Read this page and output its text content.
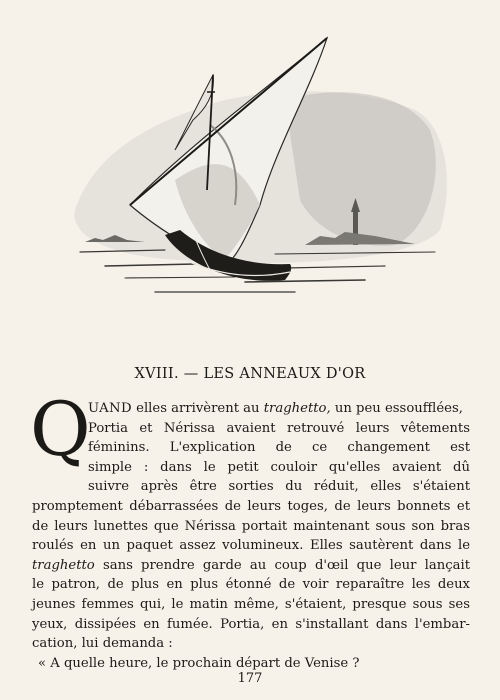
XVIII. — LES ANNEAUX D'OR
Q
UAND elles arrivèrent au traghetto, un peu essoufflées,
Portia et Nérissa avaient retrouvé leurs vêtements
féminins. L'explication de ce changement est
simple : dans le petit couloir qu'elles avaient dû
suivre après être sorties du réduit, elles s'étaient
promptement débarrassées de leurs toges, de leurs bonnets et
de leurs lunettes que Nérissa portait maintenant sous son bras
roulés en un paquet assez volumineux. Elles sautèrent dans le
traghetto sans prendre garde au coup d'œil que leur lançait
le patron, de plus en plus étonné de voir reparaître les deux
jeunes femmes qui, le matin même, s'étaient, presque sous ses
yeux, dissipées en fumée. Portia, en s'installant dans l'embar-
cation, lui demanda :
« A quelle heure, le prochain départ de Venise ?
177
